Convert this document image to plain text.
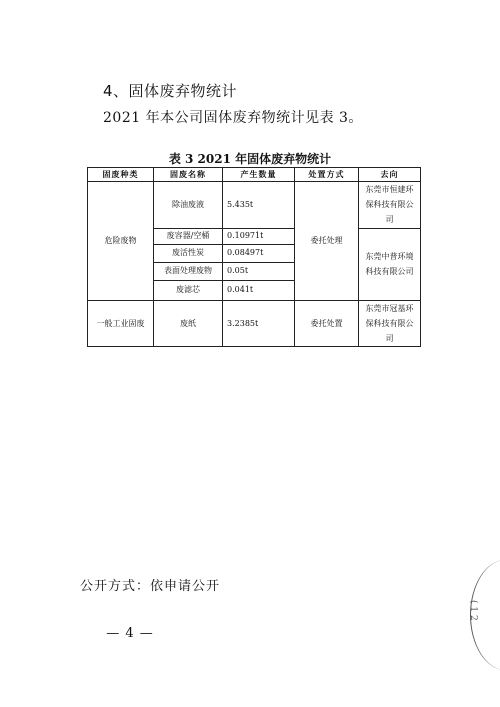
4、固体废弃物统计
2021 年本公司固体废弃物统计见表 3。
表 3 2021 年固体废弃物统计
固废种类	固废名称	产生数量	处置方式	去向
危险废物	除油废液	5.435t	委托处理	东莞市恒建环保科技有限公司
	废容器/空桶	0.10971t		东莞中普环境科技有限公司
	废活性炭	0.08497t		
	表面处理废物	0.05t		
	废滤芯	0.041t		
一般工业固废	废纸	3.2385t	委托处置	东莞市冠基环保科技有限公司
公开方式：依申请公开
— 4 —
( 1 2
